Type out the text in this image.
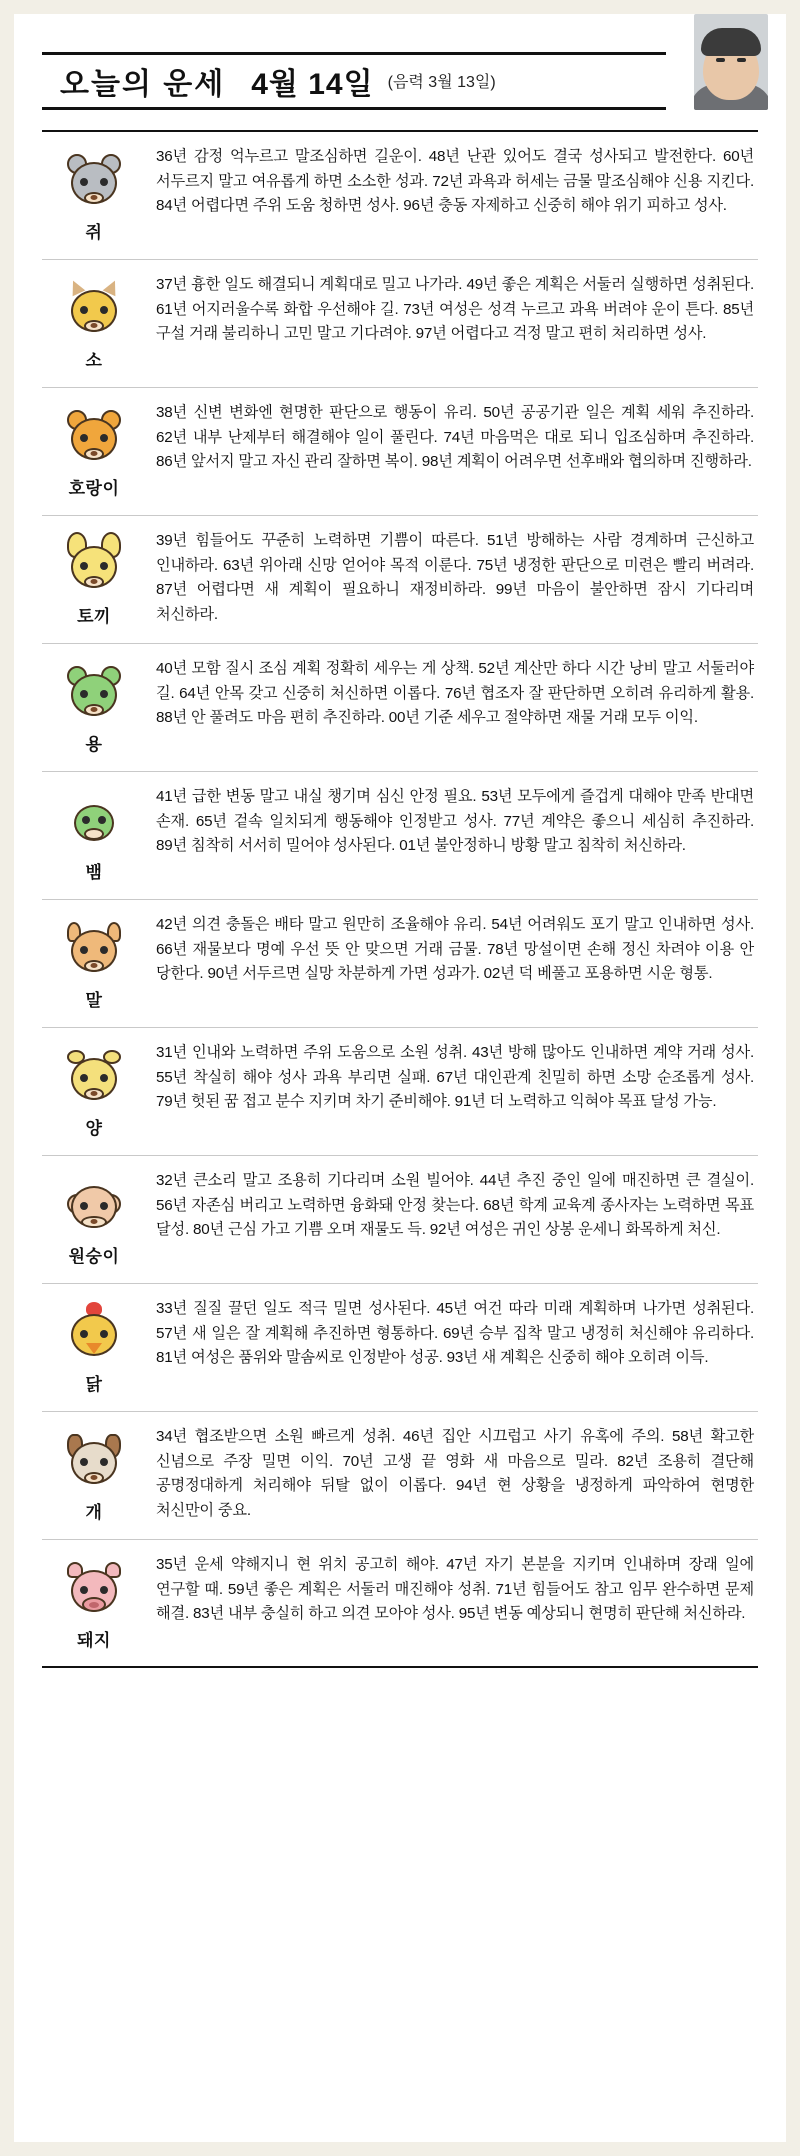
오늘의 운세 4월 14일 (음력 3월 13일)
쥐
36년 감정 억누르고 말조심하면 길운이. 48년 난관 있어도 결국 성사되고 발전한다. 60년 서두르지 말고 여유롭게 하면 소소한 성과. 72년 과욕과 허세는 금물 말조심해야 신용 지킨다. 84년 어렵다면 주위 도움 청하면 성사. 96년 충동 자제하고 신중히 해야 위기 피하고 성사.
소
37년 흉한 일도 해결되니 계획대로 밀고 나가라. 49년 좋은 계획은 서둘러 실행하면 성취된다. 61년 어지러울수록 화합 우선해야 길. 73년 여성은 성격 누르고 과욕 버려야 운이 튼다. 85년 구설 거래 불리하니 고민 말고 기다려야. 97년 어렵다고 걱정 말고 편히 처리하면 성사.
호랑이
38년 신변 변화엔 현명한 판단으로 행동이 유리. 50년 공공기관 일은 계획 세워 추진하라. 62년 내부 난제부터 해결해야 일이 풀린다. 74년 마음먹은 대로 되니 입조심하며 추진하라. 86년 앞서지 말고 자신 관리 잘하면 복이. 98년 계획이 어려우면 선후배와 협의하며 진행하라.
토끼
39년 힘들어도 꾸준히 노력하면 기쁨이 따른다. 51년 방해하는 사람 경계하며 근신하고 인내하라. 63년 위아래 신망 얻어야 목적 이룬다. 75년 냉정한 판단으로 미련은 빨리 버려라. 87년 어렵다면 새 계획이 필요하니 재정비하라. 99년 마음이 불안하면 잠시 기다리며 처신하라.
용
40년 모함 질시 조심 계획 정확히 세우는 게 상책. 52년 계산만 하다 시간 낭비 말고 서둘러야 길. 64년 안목 갖고 신중히 처신하면 이롭다. 76년 협조자 잘 판단하면 오히려 유리하게 활용. 88년 안 풀려도 마음 편히 추진하라. 00년 기준 세우고 절약하면 재물 거래 모두 이익.
뱀
41년 급한 변동 말고 내실 챙기며 심신 안정 필요. 53년 모두에게 즐겁게 대해야 만족 반대면 손재. 65년 겉속 일치되게 행동해야 인정받고 성사. 77년 계약은 좋으니 세심히 추진하라. 89년 침착히 서서히 밀어야 성사된다. 01년 불안정하니 방황 말고 침착히 처신하라.
말
42년 의견 충돌은 배타 말고 원만히 조율해야 유리. 54년 어려워도 포기 말고 인내하면 성사. 66년 재물보다 명예 우선 뜻 안 맞으면 거래 금물. 78년 망설이면 손해 정신 차려야 이용 안 당한다. 90년 서두르면 실망 차분하게 가면 성과가. 02년 덕 베풀고 포용하면 시운 형통.
양
31년 인내와 노력하면 주위 도움으로 소원 성취. 43년 방해 많아도 인내하면 계약 거래 성사. 55년 착실히 해야 성사 과욕 부리면 실패. 67년 대인관계 친밀히 하면 소망 순조롭게 성사. 79년 헛된 꿈 접고 분수 지키며 차기 준비해야. 91년 더 노력하고 익혀야 목표 달성 가능.
원숭이
32년 큰소리 말고 조용히 기다리며 소원 빌어야. 44년 추진 중인 일에 매진하면 큰 결실이. 56년 자존심 버리고 노력하면 융화돼 안정 찾는다. 68년 학계 교육계 종사자는 노력하면 목표 달성. 80년 근심 가고 기쁨 오며 재물도 득. 92년 여성은 귀인 상봉 운세니 화목하게 처신.
닭
33년 질질 끌던 일도 적극 밀면 성사된다. 45년 여건 따라 미래 계획하며 나가면 성취된다. 57년 새 일은 잘 계획해 추진하면 형통하다. 69년 승부 집착 말고 냉정히 처신해야 유리하다. 81년 여성은 품위와 말솜씨로 인정받아 성공. 93년 새 계획은 신중히 해야 오히려 이득.
개
34년 협조받으면 소원 빠르게 성취. 46년 집안 시끄럽고 사기 유혹에 주의. 58년 확고한 신념으로 주장 밀면 이익. 70년 고생 끝 영화 새 마음으로 밀라. 82년 조용히 결단해 공명정대하게 처리해야 뒤탈 없이 이롭다. 94년 현 상황을 냉정하게 파악하여 현명한 처신만이 중요.
돼지
35년 운세 약해지니 현 위치 공고히 해야. 47년 자기 본분을 지키며 인내하며 장래 일에 연구할 때. 59년 좋은 계획은 서둘러 매진해야 성취. 71년 힘들어도 참고 임무 완수하면 문제 해결. 83년 내부 충실히 하고 의견 모아야 성사. 95년 변동 예상되니 현명히 판단해 처신하라.
